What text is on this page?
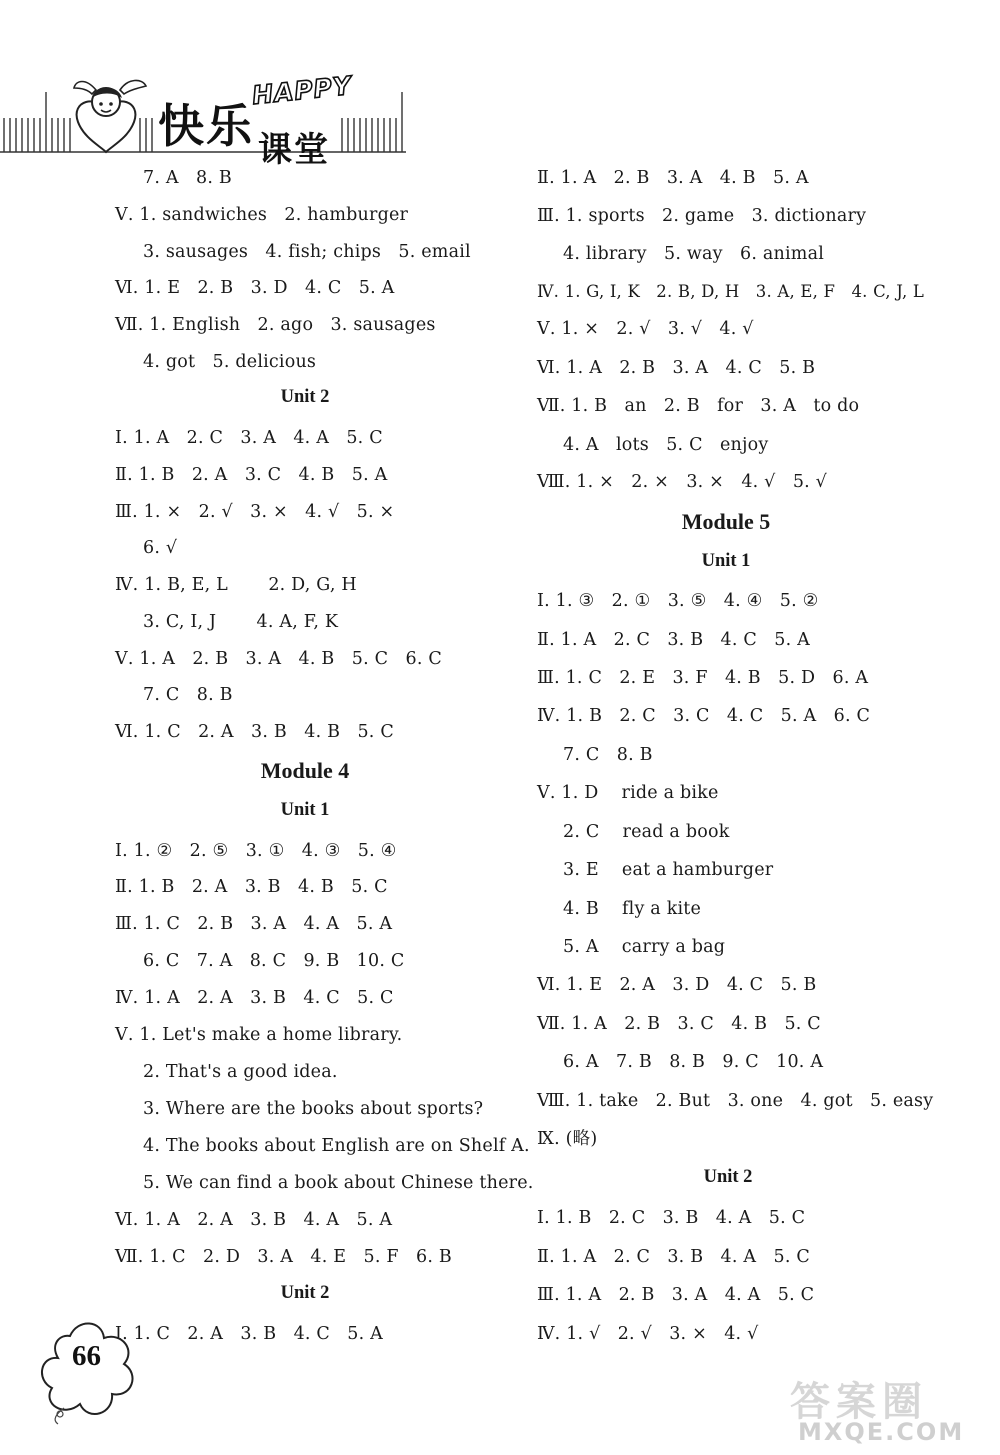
HAPPY
快乐 课堂
7. A   8. B
Ⅴ. 1. sandwiches   2. hamburger
3. sausages   4. fish; chips   5. email
Ⅵ. 1. E   2. B   3. D   4. C   5. A
Ⅶ. 1. English   2. ago   3. sausages
4. got   5. delicious
Unit 2
Ⅰ. 1. A   2. C   3. A   4. A   5. C
Ⅱ. 1. B   2. A   3. C   4. B   5. A
Ⅲ. 1. ×   2. √   3. ×   4. √   5. ×
6. √
Ⅳ. 1. B, E, L       2. D, G, H
3. C, I, J       4. A, F, K
Ⅴ. 1. A   2. B   3. A   4. B   5. C   6. C
7. C   8. B
Ⅵ. 1. C   2. A   3. B   4. B   5. C
Module 4
Unit 1
Ⅰ. 1. ②   2. ⑤   3. ①   4. ③   5. ④
Ⅱ. 1. B   2. A   3. B   4. B   5. C
Ⅲ. 1. C   2. B   3. A   4. A   5. A
6. C   7. A   8. C   9. B   10. C
Ⅳ. 1. A   2. A   3. B   4. C   5. C
Ⅴ. 1. Let's make a home library.
2. That's a good idea.
3. Where are the books about sports?
4. The books about English are on Shelf A.
5. We can find a book about Chinese there.
Ⅵ. 1. A   2. A   3. B   4. A   5. A
Ⅶ. 1. C   2. D   3. A   4. E   5. F   6. B
Unit 2
Ⅰ. 1. C   2. A   3. B   4. C   5. A
Ⅱ. 1. A   2. B   3. A   4. B   5. A
Ⅲ. 1. sports   2. game   3. dictionary
4. library   5. way   6. animal
Ⅳ. 1. G, I, K   2. B, D, H   3. A, E, F   4. C, J, L
Ⅴ. 1. ×   2. √   3. √   4. √
Ⅵ. 1. A   2. B   3. A   4. C   5. B
Ⅶ. 1. B   an   2. B   for   3. A   to do
4. A   lots   5. C   enjoy
Ⅷ. 1. ×   2. ×   3. ×   4. √   5. √
Module 5
Unit 1
Ⅰ. 1. ③   2. ①   3. ⑤   4. ④   5. ②
Ⅱ. 1. A   2. C   3. B   4. C   5. A
Ⅲ. 1. C   2. E   3. F   4. B   5. D   6. A
Ⅳ. 1. B   2. C   3. C   4. C   5. A   6. C
7. C   8. B
Ⅴ. 1. D    ride a bike
2. C    read a book
3. E    eat a hamburger
4. B    fly a kite
5. A    carry a bag
Ⅵ. 1. E   2. A   3. D   4. C   5. B
Ⅶ. 1. A   2. B   3. C   4. B   5. C
6. A   7. B   8. B   9. C   10. A
Ⅷ. 1. take   2. But   3. one   4. got   5. easy
Ⅸ. (略)
Unit 2
Ⅰ. 1. B   2. C   3. B   4. A   5. C
Ⅱ. 1. A   2. C   3. B   4. A   5. C
Ⅲ. 1. A   2. B   3. A   4. A   5. C
Ⅳ. 1. √   2. √   3. ×   4. √
66
答案圈
MXQE.COM
